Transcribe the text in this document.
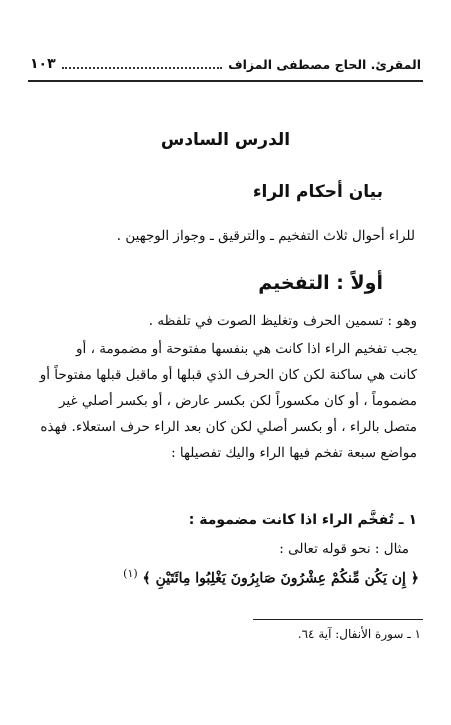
المقرئ. الحاج مصطفى المزاف
١٠٣
الدرس السادس
بيان أحكام الراء
للراء أحوال ثلاث التفخيم ـ والترقيق ـ وجواز الوجهين .
أولاً : التفخيم
وهو : تسمين الحرف وتغليظ الصوت في تلفظه .
يجب تفخيم الراء اذا كانت هي بنفسها مفتوحة أو مضمومة ، أو
كانت هي ساكنة لكن كان الحرف الذي قبلها أو ماقبل قبلها مفتوحاً أو
مضموماً ، أو كان مكسوراً لكن بكسر عارض ، أو بكسر أصلي غير
متصل بالراء ، أو بكسر أصلي لكن كان بعد الراء حرف استعلاء. فهذه
مواضع سبعة تفخم فيها الراء واليك تفصيلها :
١ ـ تُفخَّم الراء اذا كانت مضمومة :
مثال : نحو قوله تعالى :
﴿ إِن يَكُن مِّنكُمْ عِشْرُونَ صَابِرُونَ يَغْلِبُوا مِائَتَيْنِ ﴾ $^{(١)}$
١ ـ سورة الأنفال: آية ٦٤.
